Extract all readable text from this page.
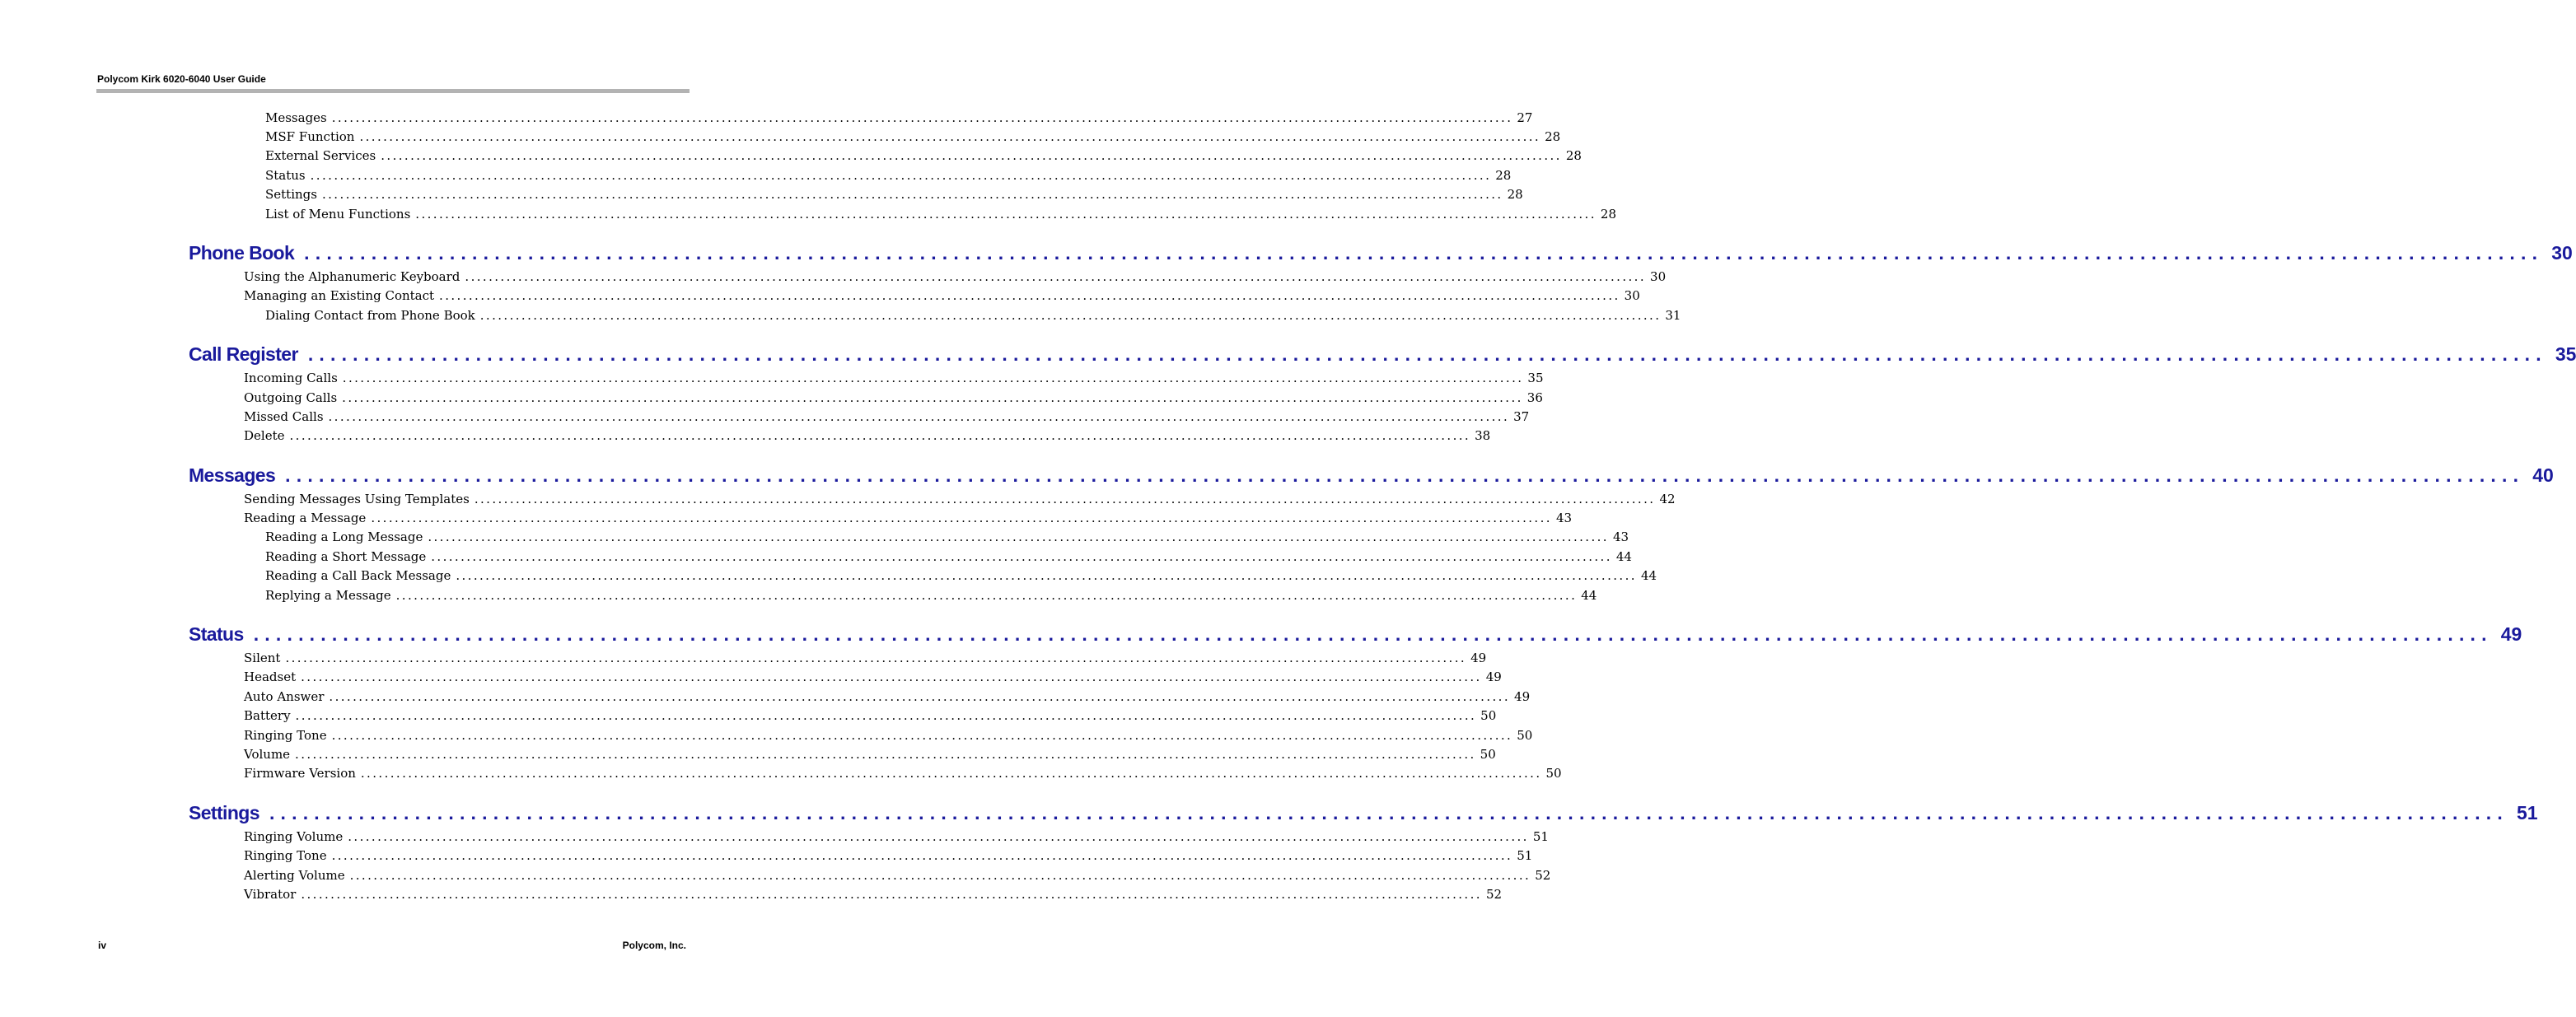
Polycom Kirk 6020-6040 User Guide
Messages ........................................................................................................................................................................................................ 27
MSF Function ........................................................................................................................................................................................................ 28
External Services ........................................................................................................................................................................................................ 28
Status ........................................................................................................................................................................................................ 28
Settings ........................................................................................................................................................................................................ 28
List of Menu Functions ........................................................................................................................................................................................................ 28
Phone Book ........................................................................................................................................................................................................ 30
Using the Alphanumeric Keyboard ........................................................................................................................................................................................................ 30
Managing an Existing Contact ........................................................................................................................................................................................................ 30
Dialing Contact from Phone Book ........................................................................................................................................................................................................ 31
Call Register ........................................................................................................................................................................................................ 35
Incoming Calls ........................................................................................................................................................................................................ 35
Outgoing Calls ........................................................................................................................................................................................................ 36
Missed Calls ........................................................................................................................................................................................................ 37
Delete ........................................................................................................................................................................................................ 38
Messages ........................................................................................................................................................................................................ 40
Sending Messages Using Templates ........................................................................................................................................................................................................ 42
Reading a Message ........................................................................................................................................................................................................ 43
Reading a Long Message ........................................................................................................................................................................................................ 43
Reading a Short Message ........................................................................................................................................................................................................ 44
Reading a Call Back Message ........................................................................................................................................................................................................ 44
Replying a Message ........................................................................................................................................................................................................ 44
Status ........................................................................................................................................................................................................ 49
Silent ........................................................................................................................................................................................................ 49
Headset ........................................................................................................................................................................................................ 49
Auto Answer ........................................................................................................................................................................................................ 49
Battery ........................................................................................................................................................................................................ 50
Ringing Tone ........................................................................................................................................................................................................ 50
Volume ........................................................................................................................................................................................................ 50
Firmware Version ........................................................................................................................................................................................................ 50
Settings ........................................................................................................................................................................................................ 51
Ringing Volume ........................................................................................................................................................................................................ 51
Ringing Tone ........................................................................................................................................................................................................ 51
Alerting Volume ........................................................................................................................................................................................................ 52
Vibrator ........................................................................................................................................................................................................ 52
iv	Polycom, Inc.
